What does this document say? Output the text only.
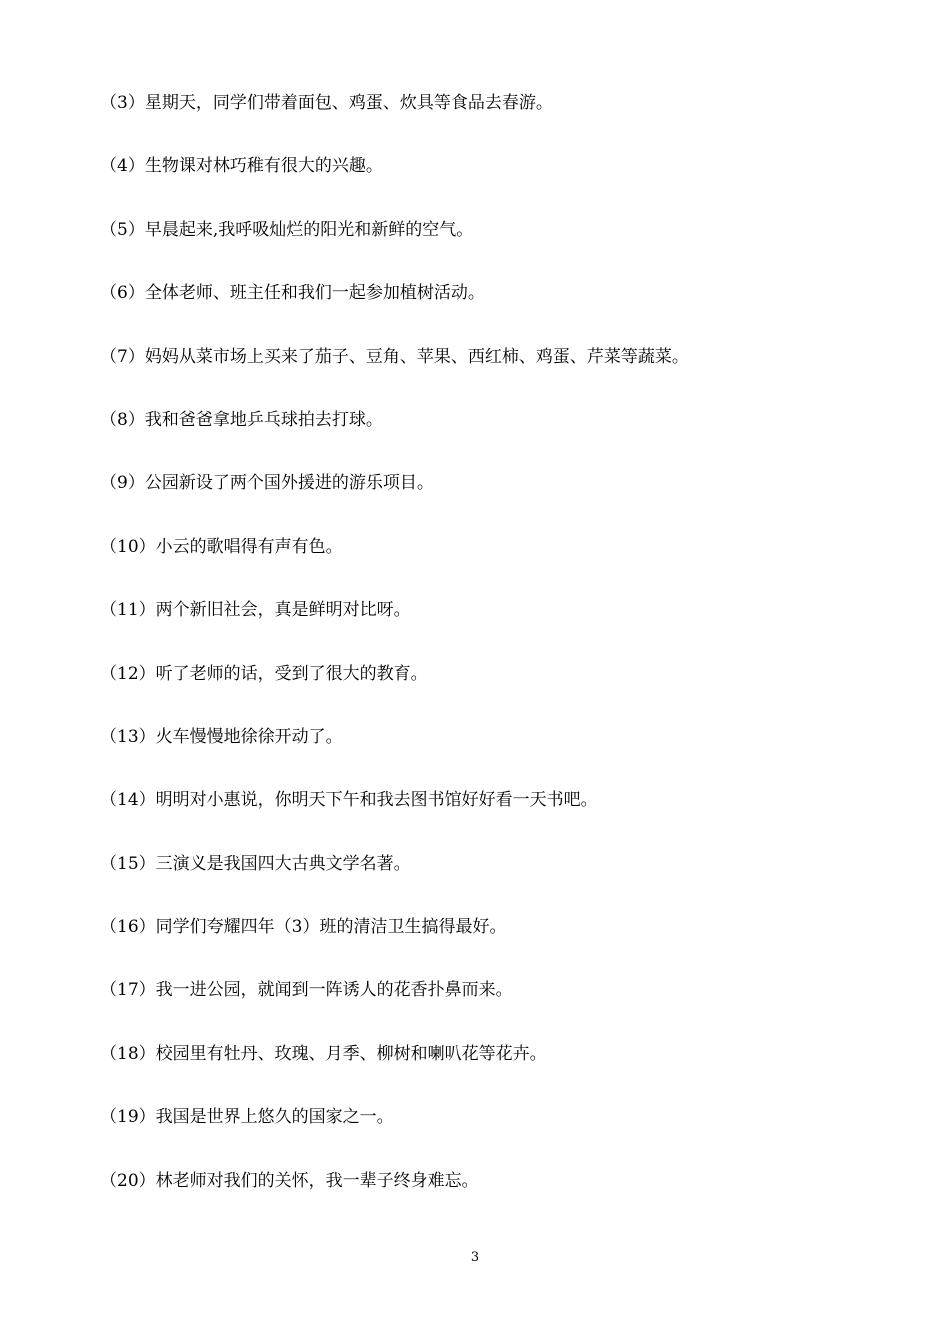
（3）星期天，同学们带着面包、鸡蛋、炊具等食品去春游。
（4）生物课对林巧稚有很大的兴趣。
（5）早晨起来,我呼吸灿烂的阳光和新鲜的空气。
（6）全体老师、班主任和我们一起参加植树活动。
（7）妈妈从菜市场上买来了茄子、豆角、苹果、西红柿、鸡蛋、芹菜等蔬菜。
（8）我和爸爸拿地乒乓球拍去打球。
（9）公园新设了两个国外援进的游乐项目。
（10）小云的歌唱得有声有色。
（11）两个新旧社会，真是鲜明对比呀。
（12）听了老师的话，受到了很大的教育。
（13）火车慢慢地徐徐开动了。
（14）明明对小惠说，你明天下午和我去图书馆好好看一天书吧。
（15）三演义是我国四大古典文学名著。
（16）同学们夸耀四年（3）班的清洁卫生搞得最好。
（17）我一进公园，就闻到一阵诱人的花香扑鼻而来。
（18）校园里有牡丹、玫瑰、月季、柳树和喇叭花等花卉。
（19）我国是世界上悠久的国家之一。
（20）林老师对我们的关怀，我一辈子终身难忘。
3
